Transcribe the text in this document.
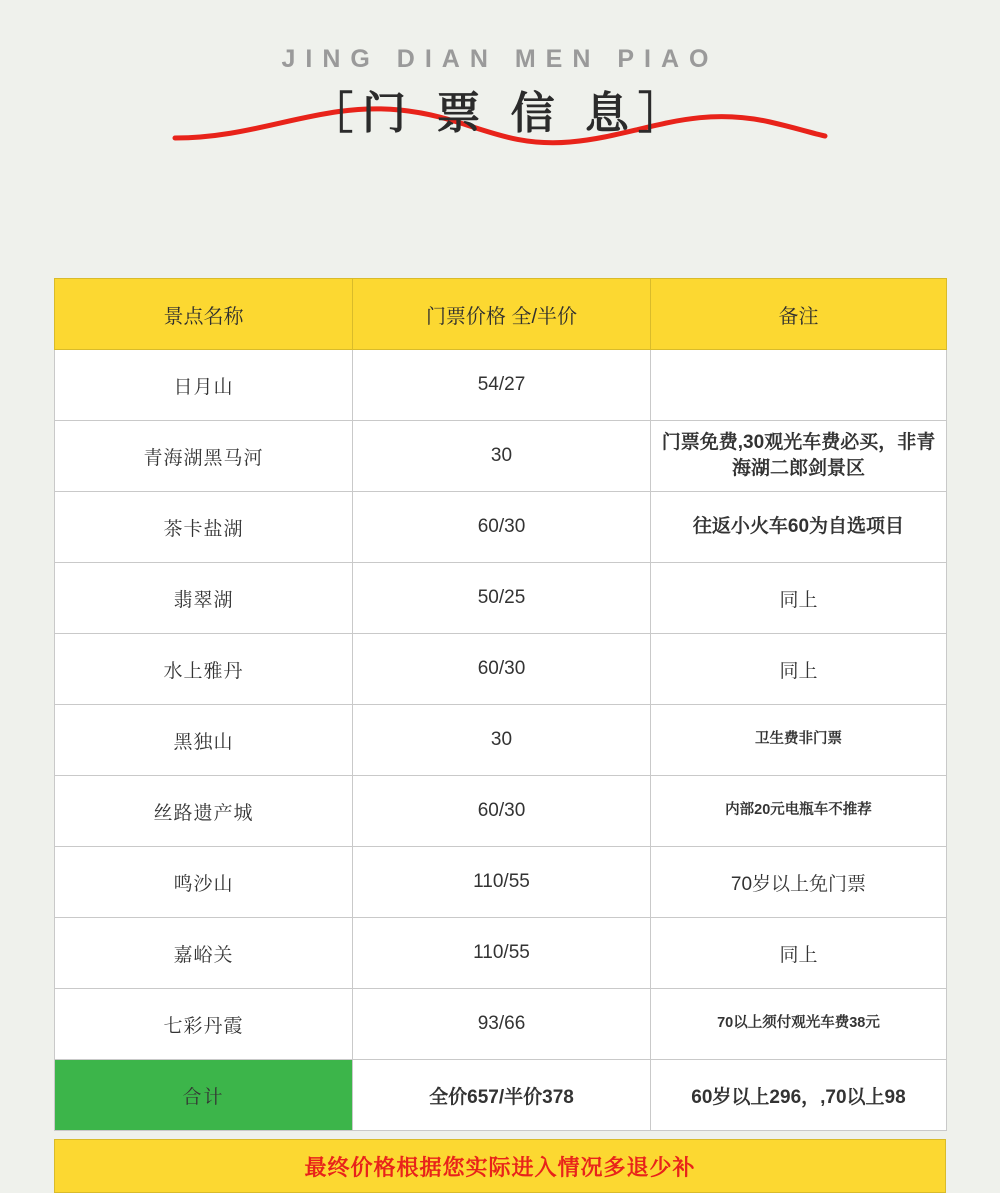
JING DIAN MEN PIAO
［门 票 信 息］
景点名称	门票价格 全/半价	备注
日月山	54/27	
青海湖黑马河	30	门票免费,30观光车费必买，非青海湖二郎剑景区
茶卡盐湖	60/30	往返小火车60为自选项目
翡翠湖	50/25	同上
水上雅丹	60/30	同上
黑独山	30	卫生费非门票
丝路遗产城	60/30	内部20元电瓶车不推荐
鸣沙山	110/55	70岁以上免门票
嘉峪关	110/55	同上
七彩丹霞	93/66	70以上须付观光车费38元
合计	全价657/半价378	60岁以上296，,70以上98
最终价格根据您实际进入情况多退少补
